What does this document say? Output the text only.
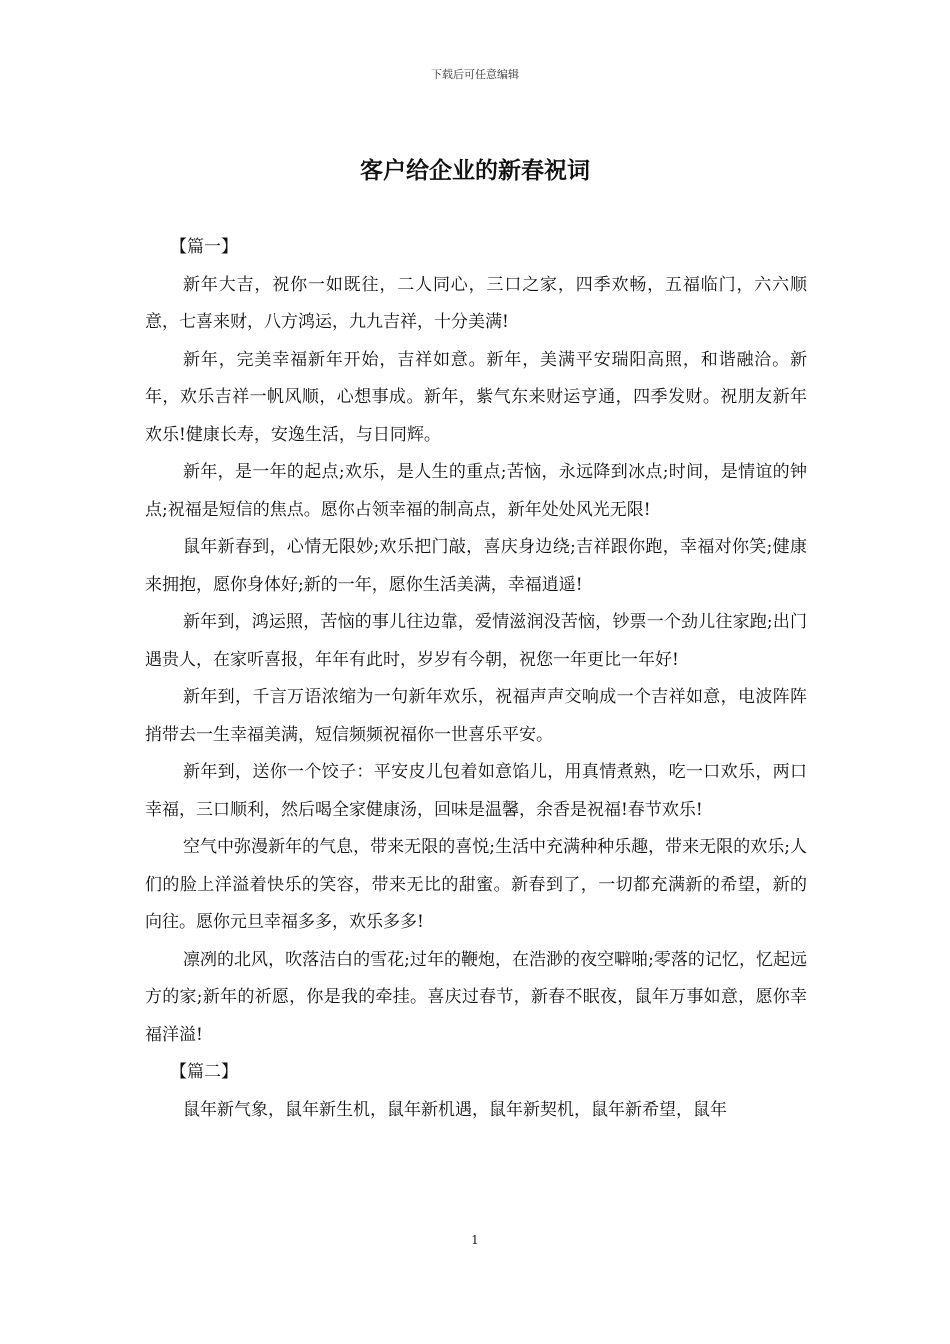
下载后可任意编辑
客户给企业的新春祝词
【篇一】

新年大吉，祝你一如既往，二人同心，三口之家，四季欢畅，五福临门，六六顺意，七喜来财，八方鸿运，九九吉祥，十分美满!

新年，完美幸福新年开始，吉祥如意。新年，美满平安瑞阳高照，和谐融洽。新年，欢乐吉祥一帆风顺，心想事成。新年，紫气东来财运亨通，四季发财。祝朋友新年欢乐!健康长寿，安逸生活，与日同辉。

新年，是一年的起点;欢乐，是人生的重点;苦恼，永远降到冰点;时间，是情谊的钟点;祝福是短信的焦点。愿你占领幸福的制高点，新年处处风光无限!

鼠年新春到，心情无限妙;欢乐把门敲，喜庆身边绕;吉祥跟你跑，幸福对你笑;健康来拥抱，愿你身体好;新的一年，愿你生活美满，幸福逍遥!

新年到，鸿运照，苦恼的事儿往边靠，爱情滋润没苦恼，钞票一个劲儿往家跑;出门遇贵人，在家听喜报，年年有此时，岁岁有今朝，祝您一年更比一年好!

新年到，千言万语浓缩为一句新年欢乐，祝福声声交响成一个吉祥如意，电波阵阵捎带去一生幸福美满，短信频频祝福你一世喜乐平安。

新年到，送你一个饺子：平安皮儿包着如意馅儿，用真情煮熟，吃一口欢乐，两口幸福，三口顺利，然后喝全家健康汤，回味是温馨，余香是祝福!春节欢乐!

空气中弥漫新年的气息，带来无限的喜悦;生活中充满种种乐趣，带来无限的欢乐;人们的脸上洋溢着快乐的笑容，带来无比的甜蜜。新春到了，一切都充满新的希望，新的向往。愿你元旦幸福多多，欢乐多多!

凛冽的北风，吹落洁白的雪花;过年的鞭炮，在浩渺的夜空噼啪;零落的记忆，忆起远方的家;新年的祈愿，你是我的牵挂。喜庆过春节，新春不眠夜，鼠年万事如意，愿你幸福洋溢!

【篇二】

鼠年新气象，鼠年新生机，鼠年新机遇，鼠年新契机，鼠年新希望，鼠年

1
